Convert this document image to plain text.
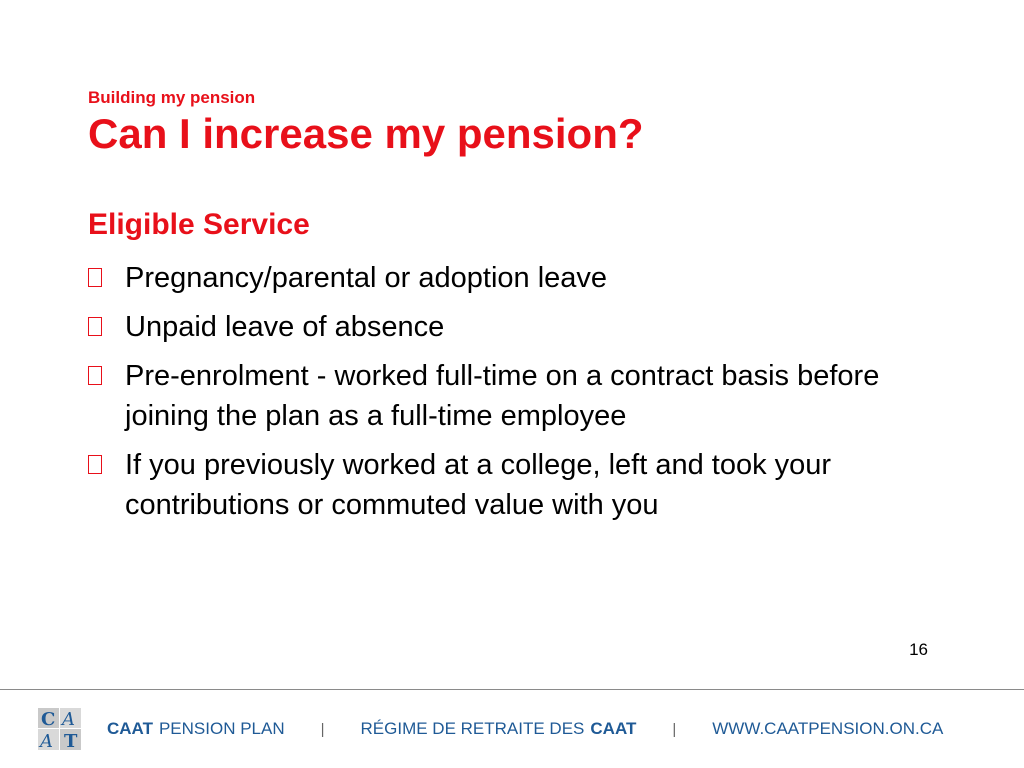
Building my pension
Can I increase my pension?
Eligible Service
Pregnancy/parental or adoption leave
Unpaid leave of absence
Pre-enrolment - worked full-time on a contract basis before joining the plan as a full-time employee
If you previously worked at a college, left and took your contributions or commuted value with you
16
C A
A T
CAAT PENSION PLAN | RÉGIME DE RETRAITE DES CAAT | WWW.CAATPENSION.ON.CA
